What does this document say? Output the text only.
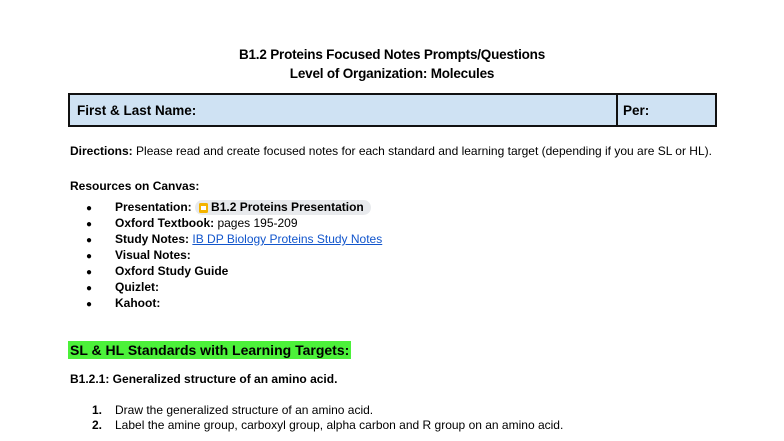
B1.2 Proteins Focused Notes Prompts/Questions
Level of Organization: Molecules
First & Last Name:	Per:
Directions: Please read and create focused notes for each standard and learning target (depending if you are SL or HL).
Resources on Canvas:
● Presentation: B1.2 Proteins Presentation
● Oxford Textbook: pages 195-209
● Study Notes: IB DP Biology Proteins Study Notes
● Visual Notes:
● Oxford Study Guide
● Quizlet:
● Kahoot:
SL & HL Standards with Learning Targets:
B1.2.1: Generalized structure of an amino acid.
1. Draw the generalized structure of an amino acid.
2. Label the amine group, carboxyl group, alpha carbon and R group on an amino acid.
